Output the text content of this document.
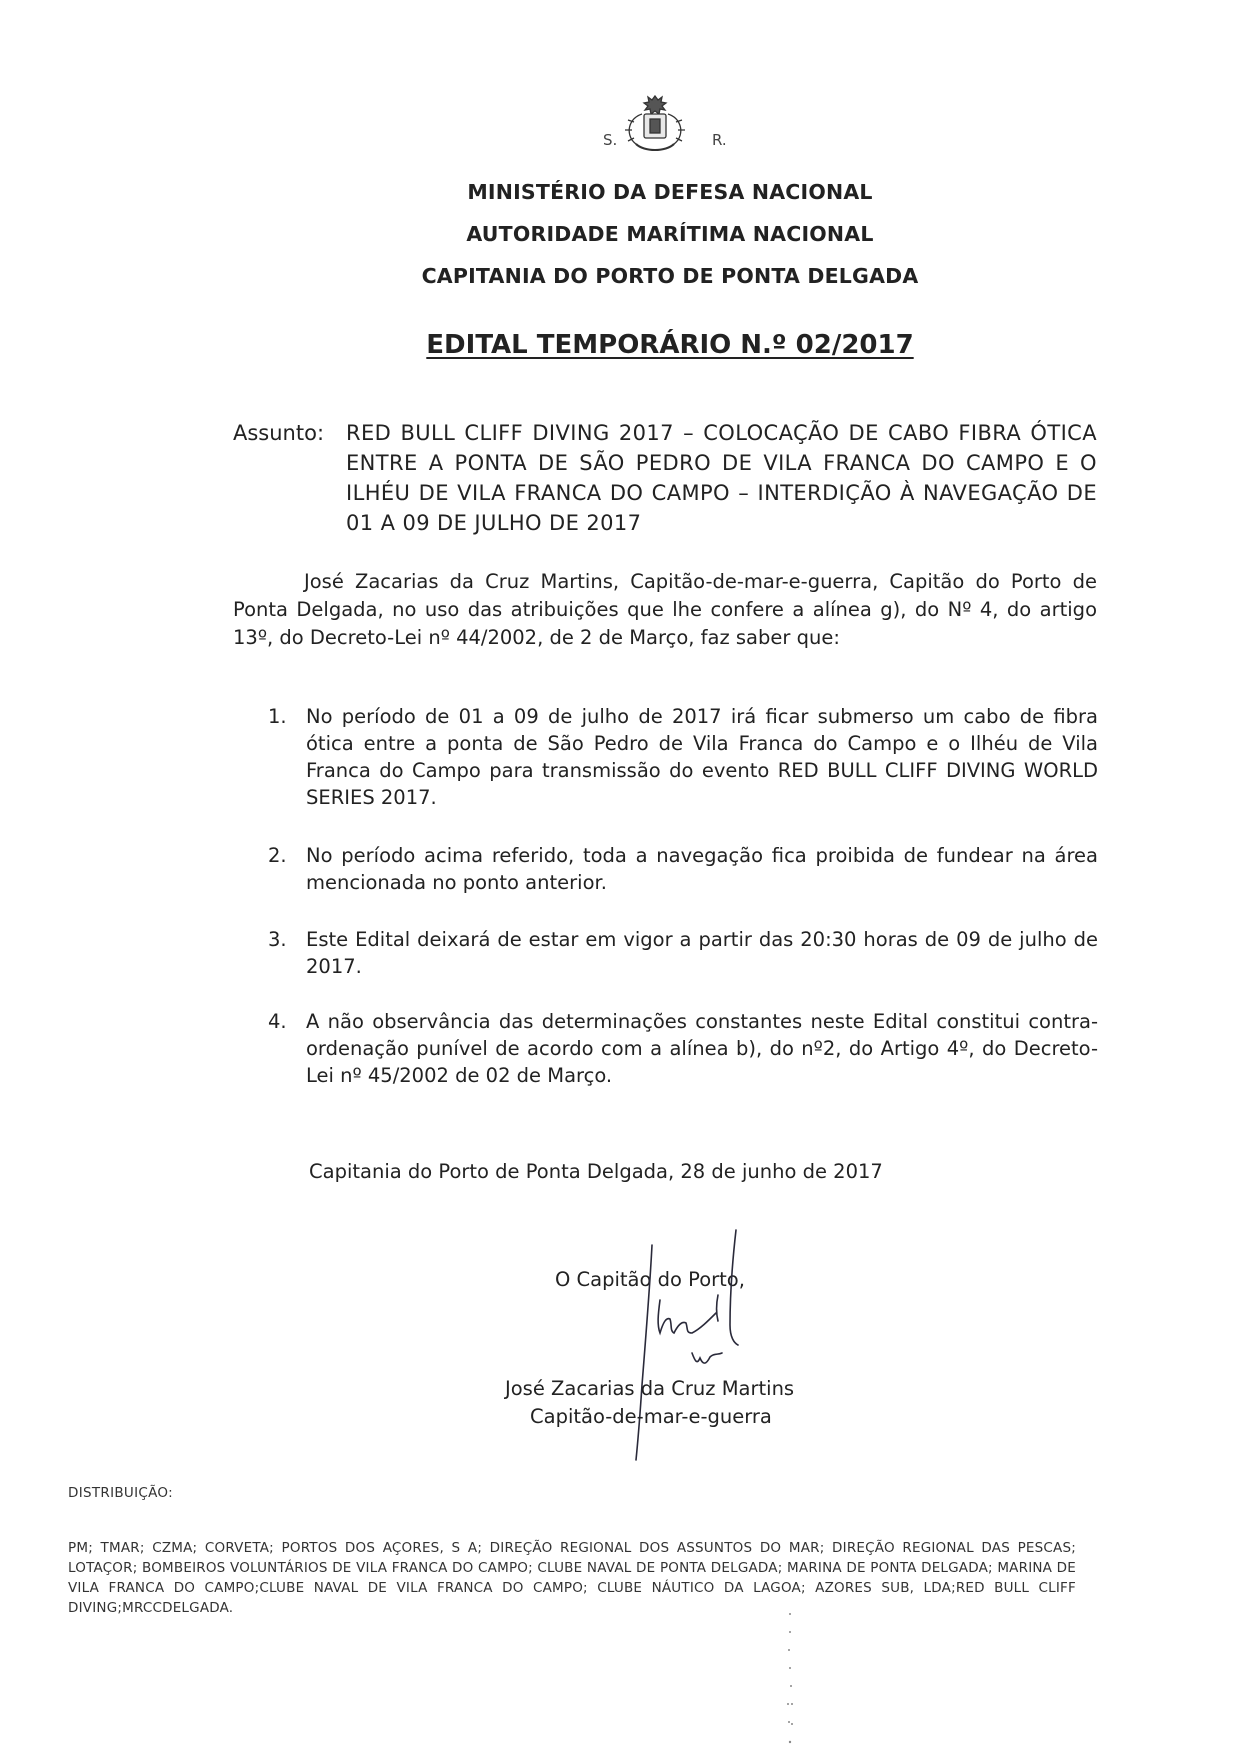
S.	R.
MINISTÉRIO DA DEFESA NACIONAL
AUTORIDADE MARÍTIMA NACIONAL
CAPITANIA DO PORTO DE PONTA DELGADA
EDITAL TEMPORÁRIO N.º 02/2017
Assunto: RED BULL CLIFF DIVING 2017 – COLOCAÇÃO DE CABO FIBRA ÓTICA ENTRE A PONTA DE SÃO PEDRO DE VILA FRANCA DO CAMPO E O ILHÉU DE VILA FRANCA DO CAMPO – INTERDIÇÃO À NAVEGAÇÃO DE 01 A 09 DE JULHO DE 2017
José Zacarias da Cruz Martins, Capitão-de-mar-e-guerra, Capitão do Porto de Ponta Delgada, no uso das atribuições que lhe confere a alínea g), do Nº 4, do artigo 13º, do Decreto-Lei nº 44/2002, de 2 de Março, faz saber que:
1. No período de 01 a 09 de julho de 2017 irá ficar submerso um cabo de fibra ótica entre a ponta de São Pedro de Vila Franca do Campo e o Ilhéu de Vila Franca do Campo para transmissão do evento RED BULL CLIFF DIVING WORLD SERIES 2017.
2. No período acima referido, toda a navegação fica proibida de fundear na área mencionada no ponto anterior.
3. Este Edital deixará de estar em vigor a partir das 20:30 horas de 09 de julho de 2017.
4. A não observância das determinações constantes neste Edital constitui contra-ordenação punível de acordo com a alínea b), do nº2, do Artigo 4º, do Decreto-Lei nº 45/2002 de 02 de Março.
Capitania do Porto de Ponta Delgada, 28 de junho de 2017
O Capitão do Porto,
José Zacarias da Cruz Martins
Capitão-de-mar-e-guerra
DISTRIBUIÇÃO:
PM; TMAR; CZMA; CORVETA; PORTOS DOS AÇORES, S A; DIREÇÃO REGIONAL DOS ASSUNTOS DO MAR; DIREÇÃO REGIONAL DAS PESCAS; LOTAÇOR; BOMBEIROS VOLUNTÁRIOS DE VILA FRANCA DO CAMPO; CLUBE NAVAL DE PONTA DELGADA; MARINA DE PONTA DELGADA; MARINA DE VILA FRANCA DO CAMPO;CLUBE NAVAL DE VILA FRANCA DO CAMPO; CLUBE NÁUTICO DA LAGOA; AZORES SUB, LDA;RED BULL CLIFF DIVING;MRCCDELGADA.
